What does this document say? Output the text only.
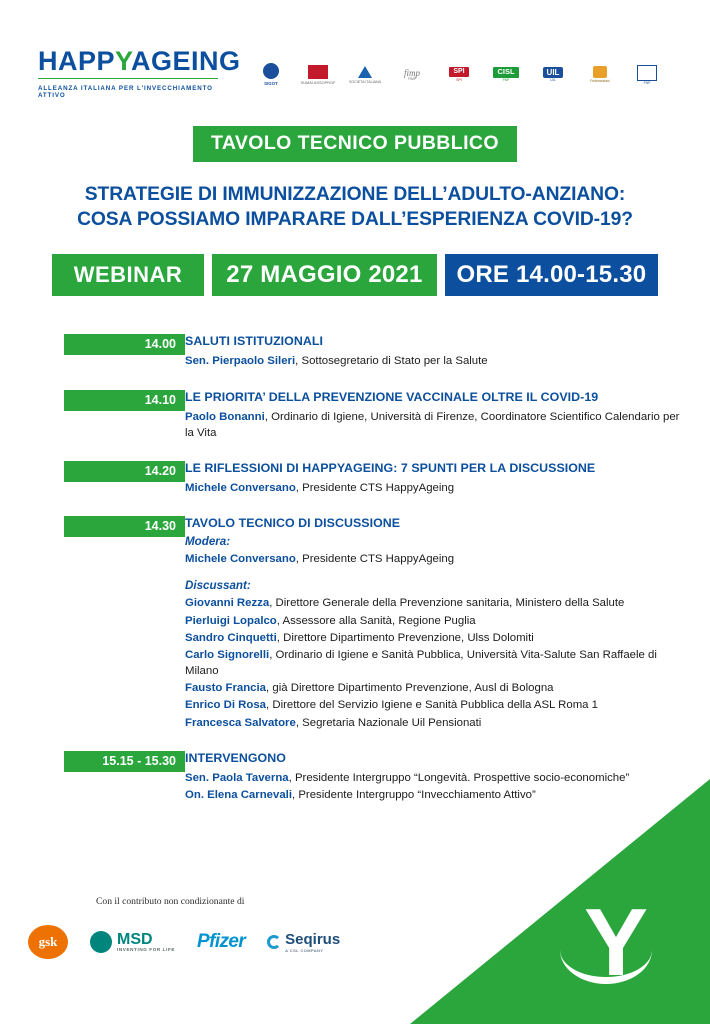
HAPPYAGEING
ALLEANZA ITALIANA PER L'INVECCHIAMENTO ATTIVO
SIGOT	SUMAI ASSOPROF	SOCIETA ITALIANA
fimp
FIMP
SPI
SPI
CISL
FNP
UIL
UIL	Federanziani	FNP
TAVOLO TECNICO PUBBLICO
STRATEGIE DI IMMUNIZZAZIONE DELL’ADULTO-ANZIANO:
COSA POSSIAMO IMPARARE DALL’ESPERIENZA COVID-19?
WEBINAR	27 MAGGIO 2021	ORE 14.00-15.30
14.00 SALUTI ISTITUZIONALI
Sen. Pierpaolo Sileri, Sottosegretario di Stato per la Salute
14.10 LE PRIORITA’ DELLA PREVENZIONE VACCINALE OLTRE IL COVID-19
Paolo Bonanni, Ordinario di Igiene, Università di Firenze, Coordinatore Scientifico Calendario per la Vita
14.20 LE RIFLESSIONI DI HAPPYAGEING: 7 SPUNTI PER LA DISCUSSIONE
Michele Conversano, Presidente CTS HappyAgeing
14.30 TAVOLO TECNICO DI DISCUSSIONE
Modera:
Michele Conversano, Presidente CTS HappyAgeing
Discussant:
Giovanni Rezza, Direttore Generale della Prevenzione sanitaria, Ministero della Salute
Pierluigi Lopalco, Assessore alla Sanità, Regione Puglia
Sandro Cinquetti, Direttore Dipartimento Prevenzione, Ulss Dolomiti
Carlo Signorelli, Ordinario di Igiene e Sanità Pubblica, Università Vita-Salute San Raffaele di Milano
Fausto Francia, già Direttore Dipartimento Prevenzione, Ausl di Bologna
Enrico Di Rosa, Direttore del Servizio Igiene e Sanità Pubblica della ASL Roma 1
Francesca Salvatore, Segretaria Nazionale Uil Pensionati
15.15 - 15.30 INTERVENGONO
Sen. Paola Taverna, Presidente Intergruppo “Longevità. Prospettive socio-economiche”
On. Elena Carnevali, Presidente Intergruppo “Invecchiamento Attivo”
Con il contributo non condizionante di
gsk	MSD
INVENTING FOR LIFE Pfizer	Seqirus
A CSL COMPANY	Y
